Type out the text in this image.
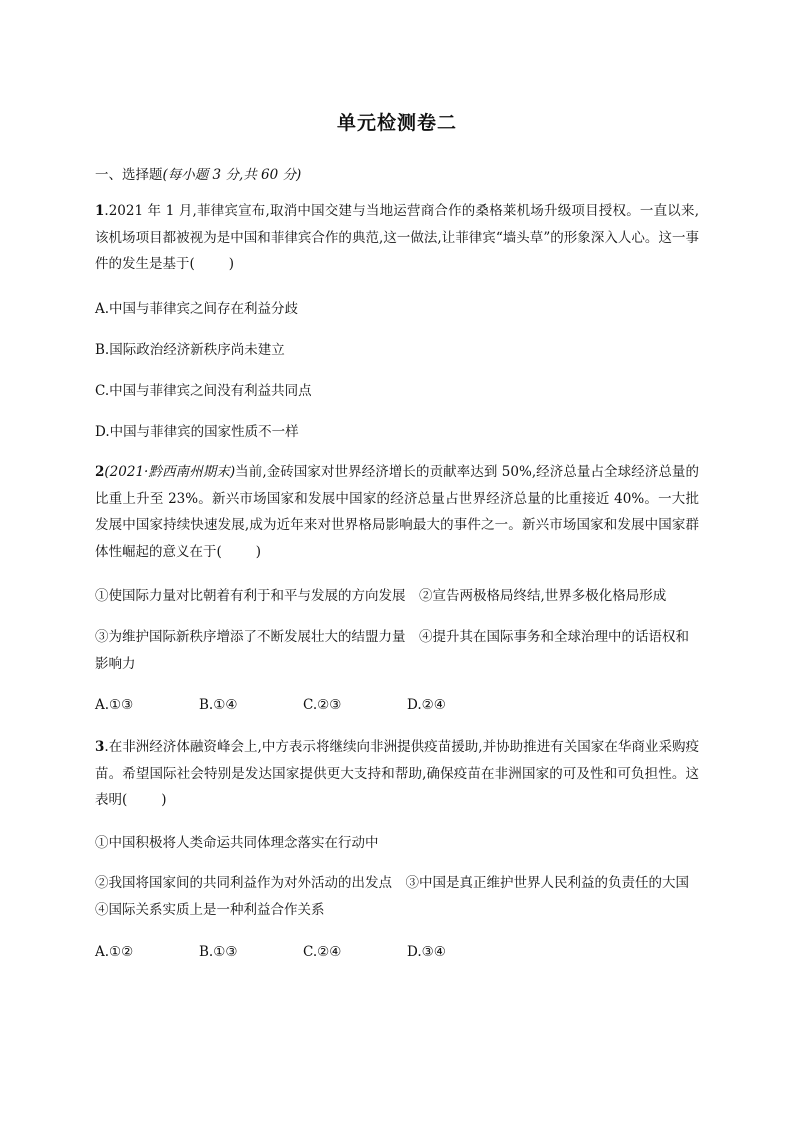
单元检测卷二

一、选择题(每小题 3 分,共 60 分)

1.2021 年 1 月,菲律宾宣布,取消中国交建与当地运营商合作的桑格莱机场升级项目授权。一直以来,该机场项目都被视为是中国和菲律宾合作的典范,这一做法,让菲律宾“墙头草”的形象深入人心。这一事件的发生是基于(	)

A.中国与菲律宾之间存在利益分歧

B.国际政治经济新秩序尚未建立

C.中国与菲律宾之间没有利益共同点

D.中国与菲律宾的国家性质不一样

2(2021·黔西南州期末)当前,金砖国家对世界经济增长的贡献率达到 50%,经济总量占全球经济总量的比重上升至 23%。新兴市场国家和发展中国家的经济总量占世界经济总量的比重接近 40%。一大批发展中国家持续快速发展,成为近年来对世界格局影响最大的事件之一。新兴市场国家和发展中国家群体性崛起的意义在于(	)

①使国际力量对比朝着有利于和平与发展的方向发展　②宣告两极格局终结,世界多极化格局形成

③为维护国际新秩序增添了不断发展壮大的结盟力量　④提升其在国际事务和全球治理中的话语权和影响力

A.①③	B.①④	C.②③	D.②④

3.在非洲经济体融资峰会上,中方表示将继续向非洲提供疫苗援助,并协助推进有关国家在华商业采购疫苗。希望国际社会特别是发达国家提供更大支持和帮助,确保疫苗在非洲国家的可及性和可负担性。这表明(	)

①中国积极将人类命运共同体理念落实在行动中

②我国将国家间的共同利益作为对外活动的出发点　③中国是真正维护世界人民利益的负责任的大国　④国际关系实质上是一种利益合作关系

A.①②	B.①③	C.②④	D.③④
